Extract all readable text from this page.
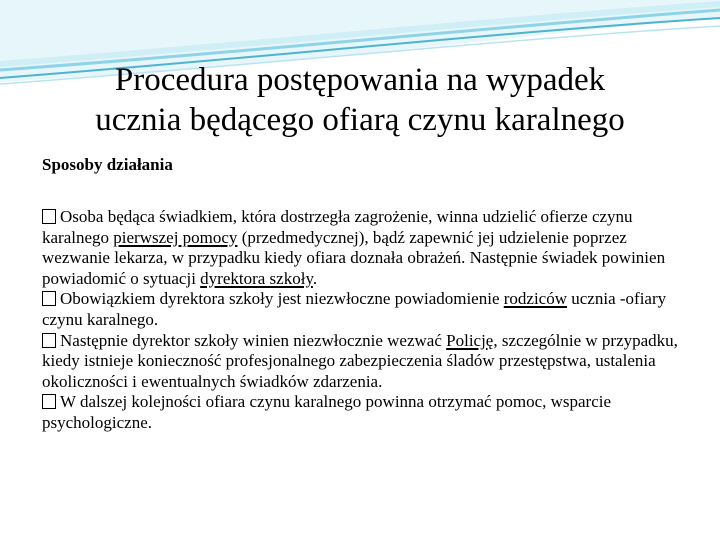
Procedura postępowania na wypadek
ucznia będącego ofiarą czynu karalnego

Sposoby działania

Osoba będąca świadkiem, która dostrzegła zagrożenie, winna udzielić ofierze czynu karalnego pierwszej pomocy (przedmedycznej), bądź zapewnić jej udzielenie poprzez wezwanie lekarza, w przypadku kiedy ofiara doznała obrażeń. Następnie świadek powinien powiadomić o sytuacji dyrektora szkoły.
Obowiązkiem dyrektora szkoły jest niezwłoczne powiadomienie rodziców ucznia -ofiary czynu karalnego.
Następnie dyrektor szkoły winien niezwłocznie wezwać Policję, szczególnie w przypadku, kiedy istnieje konieczność profesjonalnego zabezpieczenia śladów przestępstwa, ustalenia okoliczności i ewentualnych świadków zdarzenia.
W dalszej kolejności ofiara czynu karalnego powinna otrzymać pomoc, wsparcie psychologiczne.
